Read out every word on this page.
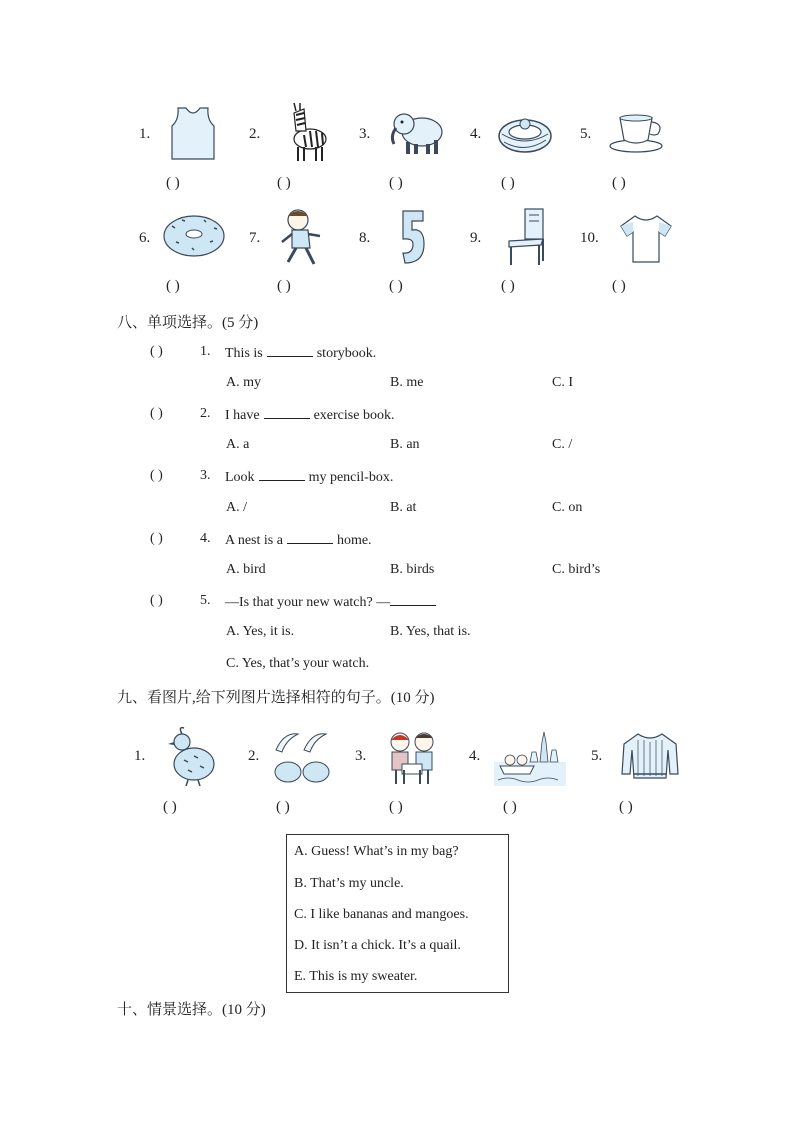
1.
( )
2.
( )
3.
( )
4.
( )
5.
( )
6.
( )
7.
( )
8.
( )
9.
( )
10.
( )
八、单项选择。(5 分)
( )	1. This is	storybook.
A. my	B. me	C. I
( )	2. I have	exercise book.
A. a	B. an	C. /
( )	3. Look	my pencil-box.
A. /	B. at	C. on
( )	4. A nest is a	home.
A. bird	B. birds	C. bird’s
( )	5. —Is that your new watch? —
A. Yes, it is.	B. Yes, that is.
C. Yes, that’s your watch.
九、看图片,给下列图片选择相符的句子。(10 分)
1.
( )
2.
( )
3.
( )
4.
( )
5.
( )
A. Guess! What’s in my bag?
B. That’s my uncle.
C. I like bananas and mangoes.
D. It isn’t a chick. It’s a quail.
E. This is my sweater.
十、情景选择。(10 分)
